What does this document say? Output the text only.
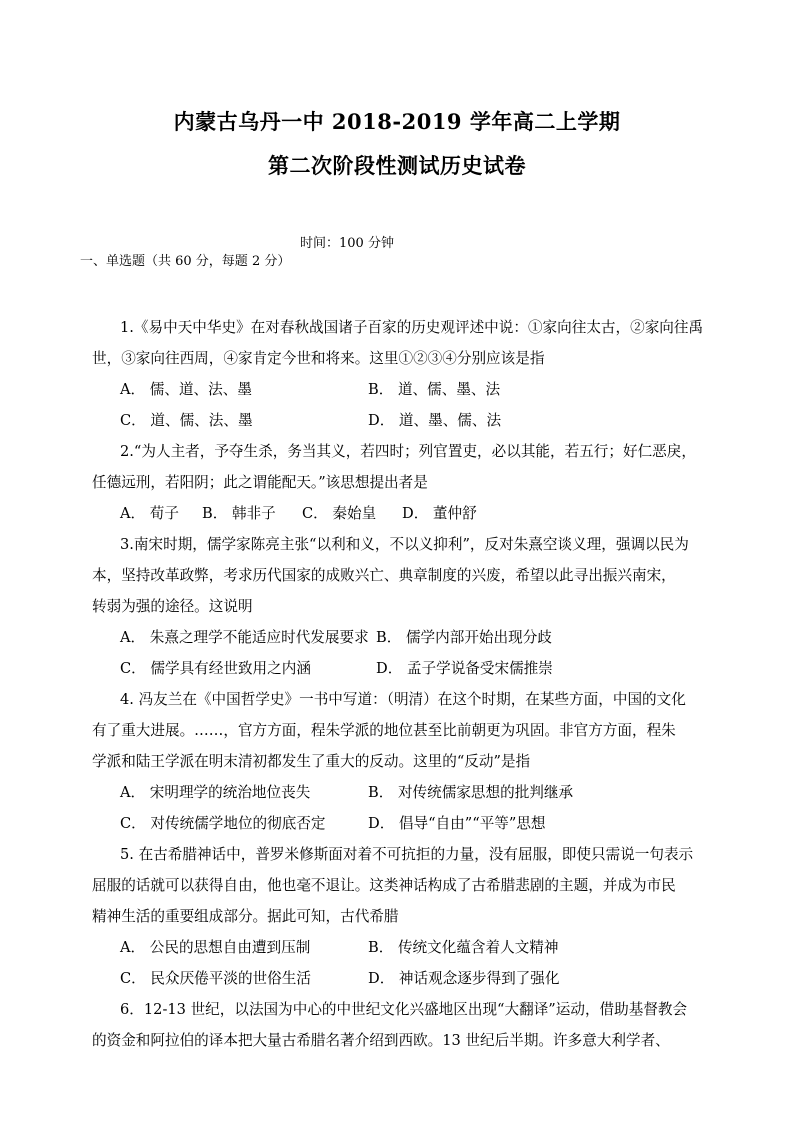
内蒙古乌丹一中 2018-2019 学年高二上学期
第二次阶段性测试历史试卷
时间：100 分钟
一、单选题（共 60 分，每题 2 分）
1.《易中天中华史》在对春秋战国诸子百家的历史观评述中说：①家向往太古，②家向往禹
世，③家向往西周，④家肯定今世和将来。这里①②③④分别应该是指
A． 儒、道、法、墨	B． 道、儒、墨、法
C． 道、儒、法、墨	D． 道、墨、儒、法
2.“为人主者，予夺生杀，务当其义，若四时；列官置吏，必以其能，若五行；好仁恶戾，
任德远刑，若阳阴；此之谓能配天。”该思想提出者是
A． 荀子 B． 韩非子 C． 秦始皇 D． 董仲舒
3.南宋时期，儒学家陈亮主张“以利和义，不以义抑利”，反对朱熹空谈义理，强调以民为
本，坚持改革政弊，考求历代国家的成败兴亡、典章制度的兴废，希望以此寻出振兴南宋，
转弱为强的途径。这说明
A． 朱熹之理学不能适应时代发展要求 B． 儒学内部开始出现分歧
C． 儒学具有经世致用之内涵	D． 孟子学说备受宋儒推崇
4. 冯友兰在《中国哲学史》一书中写道：（明清）在这个时期，在某些方面，中国的文化
有了重大进展。……，官方方面，程朱学派的地位甚至比前朝更为巩固。非官方方面，程朱
学派和陆王学派在明末清初都发生了重大的反动。这里的“反动”是指
A． 宋明理学的统治地位丧失	B． 对传统儒家思想的批判继承
C． 对传统儒学地位的彻底否定	D． 倡导“自由”“平等”思想
5. 在古希腊神话中，普罗米修斯面对着不可抗拒的力量，没有屈服，即使只需说一句表示
屈服的话就可以获得自由，他也毫不退让。这类神话构成了古希腊悲剧的主题，并成为市民
精神生活的重要组成部分。据此可知，古代希腊
A． 公民的思想自由遭到压制	B． 传统文化蕴含着人文精神
C． 民众厌倦平淡的世俗生活	D． 神话观念逐步得到了强化
6．12-13 世纪，以法国为中心的中世纪文化兴盛地区出现“大翻译”运动，借助基督教会
的资金和阿拉伯的译本把大量古希腊名著介绍到西欧。13 世纪后半期。许多意大利学者、
